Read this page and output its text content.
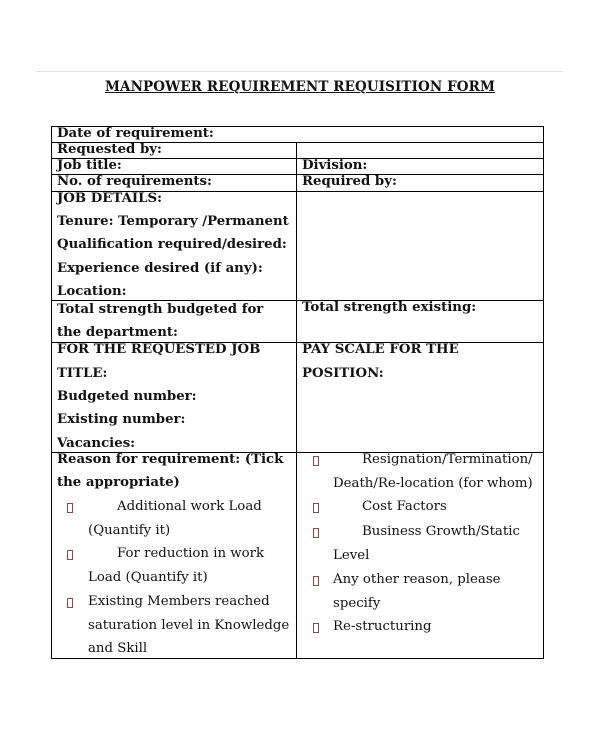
MANPOWER REQUIREMENT REQUISITION FORM
Date of requirement:
Requested by:
Job title:	Division:
No. of requirements:	Required by:
JOB DETAILS:
Tenure: Temporary /Permanent
Qualification required/desired:
Experience desired (if any):
Location:
Total strength budgeted for
the department:
Total strength existing:
FOR THE REQUESTED JOB
TITLE:
Budgeted number:
Existing number:
Vacancies:
PAY SCALE FOR THE
POSITION:
Reason for requirement: (Tick
the appropriate)
Additional work Load
(Quantify it)
For reduction in work
Load (Quantify it)
Existing Members reached
saturation level in Knowledge
and Skill
Resignation/Termination/
Death/Re-location (for whom)
Cost Factors
Business Growth/Static
Level
Any other reason, please
specify
Re-structuring
